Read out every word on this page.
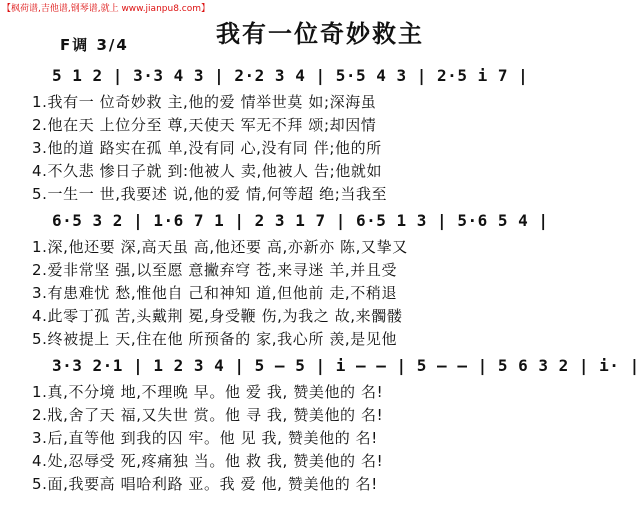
【枫荷谱,吉他谱,钢琴谱,就上 www.jianpu8.com】
我有一位奇妙救主
F调 3/4
5 1 2 | 3·3 4 3 | 2·2 3 4 | 5·5 4 3 | 2·5 i 7 |
1.我有一 位奇妙救 主,他的爱 情举世莫 如;深海虽
2.他在天 上位分至 尊,天使天 军无不拜 颂;却因情
3.他的道 路实在孤 单,没有同 心,没有同 伴;他的所
4.不久悲 惨日子就 到:他被人 卖,他被人 告;他就如
5.一生一 世,我要述 说,他的爱 情,何等超 绝;当我至
6·5 3 2 | 1·6 7 1 | 2 3 1 7 | 6·5 1 3 | 5·6 5 4 |
1.深,他还要 深,高天虽 高,他还要 高,亦新亦 陈,又挚又
2.爱非常坚 强,以至愿 意撇弃穹 苍,来寻迷 羊,并且受
3.有患难忧 愁,惟他自 己和神知 道,但他前 走,不稍退
4.此零丁孤 苦,头戴荆 冕,身受鞭 伤,为我之 故,来髑髅
5.终被提上 天,住在他 所预备的 家,我心所 羡,是见他
3·3 2·1 | 1 2 3 4 | 5 – 5 | i – – | 5 – – | 5 6 3 2 | i· |
1.真,不分境 地,不理晚 早。他 爱 我, 赞美他的 名!
2.戕,舍了天 福,又失世 赏。他 寻 我, 赞美他的 名!
3.后,直等他 到我的囚 牢。他 见 我, 赞美他的 名!
4.处,忍辱受 死,疼痛独 当。他 救 我, 赞美他的 名!
5.面,我要高 唱哈利路 亚。我 爱 他, 赞美他的 名!
